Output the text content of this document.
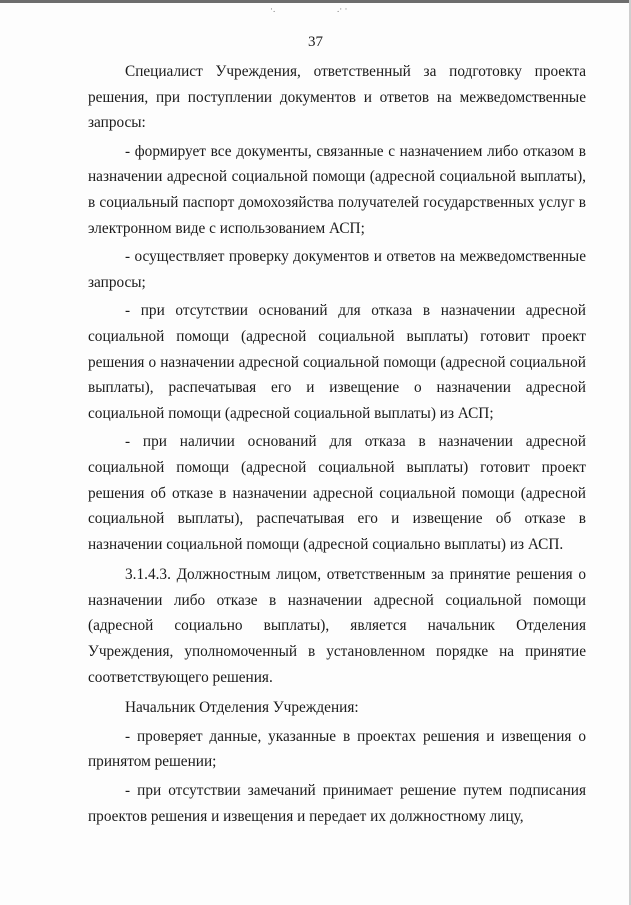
·.	.· ·
37

Специалист Учреждения, ответственный за подготовку проекта решения, при поступлении документов и ответов на межведомственные запросы:

- формирует все документы, связанные с назначением либо отказом в назначении адресной социальной помощи (адресной социальной выплаты), в социальный паспорт домохозяйства получателей государственных услуг в электронном виде с использованием АСП;

- осуществляет проверку документов и ответов на межведомственные запросы;

- при отсутствии оснований для отказа в назначении адресной социальной помощи (адресной социальной выплаты) готовит проект решения о назначении адресной социальной помощи (адресной социальной выплаты), распечатывая его и извещение о назначении адресной социальной помощи (адресной социальной выплаты) из АСП;

- при наличии оснований для отказа в назначении адресной социальной помощи (адресной социальной выплаты) готовит проект решения об отказе в назначении адресной социальной помощи (адресной социальной выплаты), распечатывая его и извещение об отказе в назначении социальной помощи (адресной социально выплаты) из АСП.

3.1.4.3. Должностным лицом, ответственным за принятие решения о назначении либо отказе в назначении адресной социальной помощи (адресной социально выплаты), является начальник Отделения Учреждения, уполномоченный в установленном порядке на принятие соответствующего решения.

Начальник Отделения Учреждения:

- проверяет данные, указанные в проектах решения и извещения о принятом решении;

- при отсутствии замечаний принимает решение путем подписания проектов решения и извещения и передает их должностному лицу,
